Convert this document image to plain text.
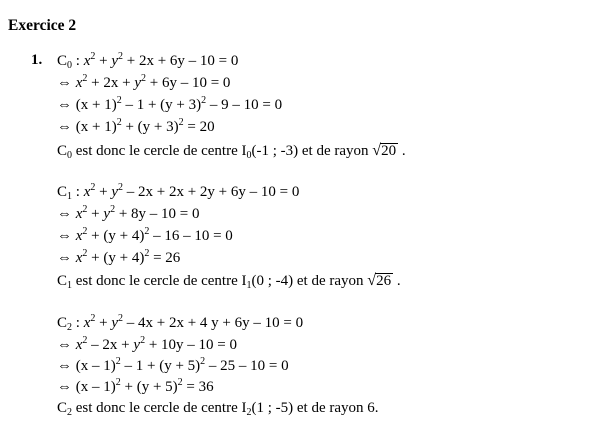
Exercice 2
1. $C_0$ : $x^2 + y^2 + 2x + 6y - 10 = 0$
⇔ $x^2 + 2x + y^2 + 6y - 10 = 0$
⇔ $(x + 1)^2 - 1 + (y + 3)^2 - 9 - 10 = 0$
⇔ $(x + 1)^2 + (y + 3)^2 = 20$
$C_0$ est donc le cercle de centre $I_0(-1$ ; -3) et de rayon √20 .
$C_1$ : $x^2 + y^2 - 2x + 2x + 2y + 6y - 10 = 0$
⇔ $x^2 + y^2 + 8y - 10 = 0$
⇔ $x^2 + (y + 4)^2 - 16 - 10 = 0$
⇔ $x^2 + (y + 4)^2 = 26$
$C_1$ est donc le cercle de centre $I_1(0$ ; -4) et de rayon √26 .
$C_2$ : $x^2 + y^2 - 4x + 2x + 4$ y + 6y – 10 = 0
⇔ $x^2 - 2x + y^2 + 10y - 10 = 0$
⇔ $(x - 1)^2 - 1 + (y + 5)^2 - 25 - 10 = 0$
⇔ $(x - 1)^2 + (y + 5)^2 = 36$
$C_2$ est donc le cercle de centre $I_2(1$ ; -5) et de rayon 6.
